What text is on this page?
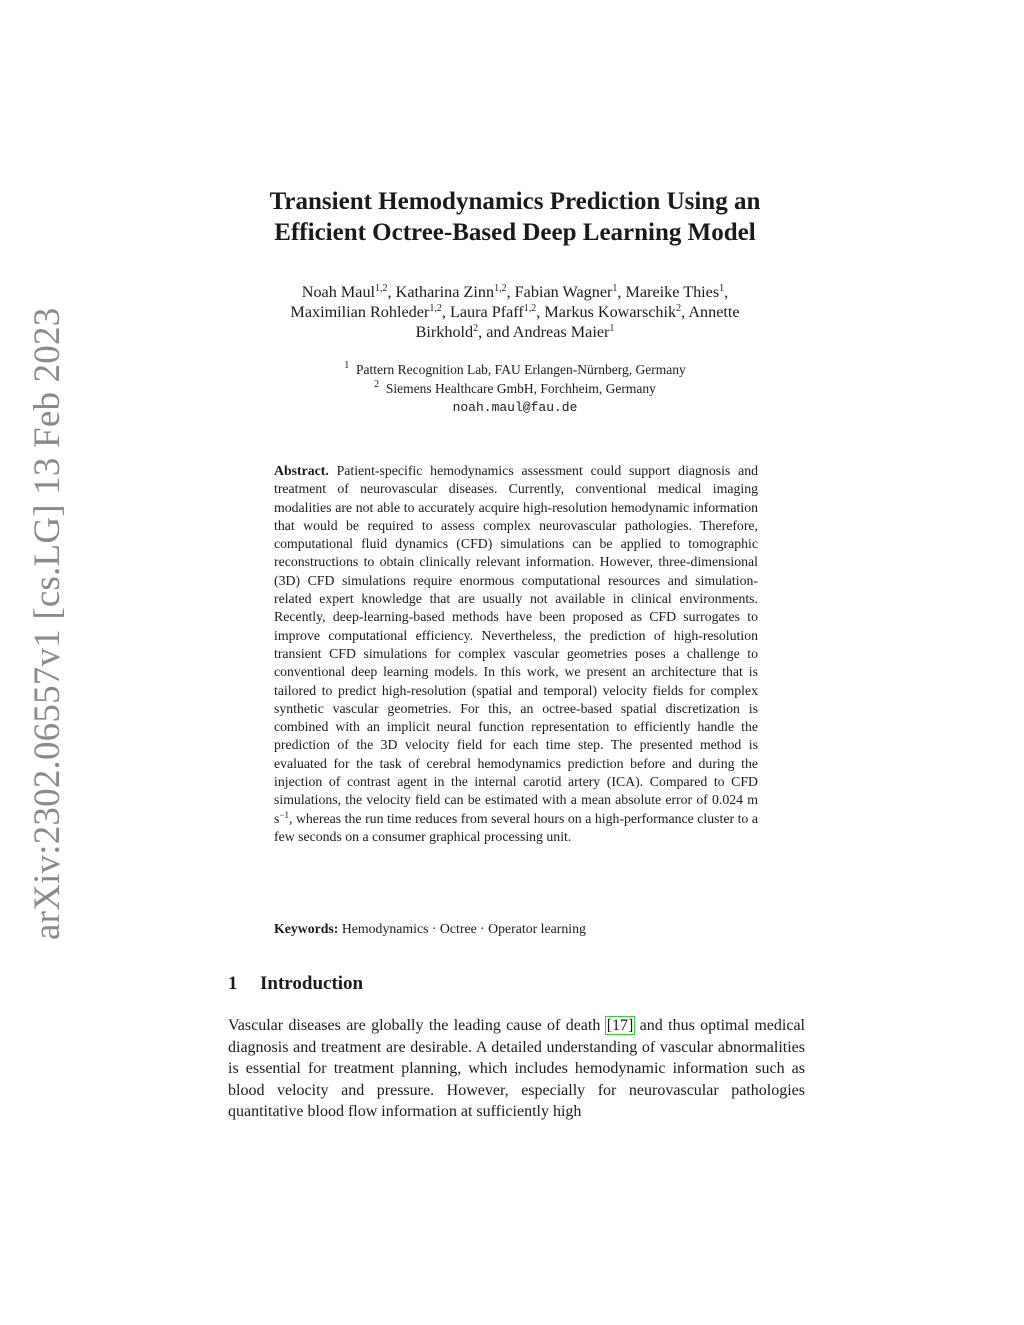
arXiv:2302.06557v1 [cs.LG] 13 Feb 2023
Transient Hemodynamics Prediction Using an
Efficient Octree-Based Deep Learning Model

Noah Maul$^{1,2}$, Katharina Zinn$^{1,2}$, Fabian Wagner$^1$, Mareike Thies$^1$,
Maximilian Rohleder$^{1,2}$, Laura Pfaff$^{1,2}$, Markus Kowarschik$^2$, Annette
Birkhold$^2$, and Andreas Maier$^1$

$^1$ Pattern Recognition Lab, FAU Erlangen-Nürnberg, Germany
$^2$ Siemens Healthcare GmbH, Forchheim, Germany
noah.maul@fau.de

Abstract. Patient-specific hemodynamics assessment could support diagnosis and treatment of neurovascular diseases. Currently, conventional medical imaging modalities are not able to accurately acquire high-resolution hemodynamic information that would be required to assess complex neurovascular pathologies. Therefore, computational fluid dynamics (CFD) simulations can be applied to tomographic reconstructions to obtain clinically relevant information. However, three-dimensional (3D) CFD simulations require enormous computational resources and simulation-related expert knowledge that are usually not available in clinical environments. Recently, deep-learning-based methods have been proposed as CFD surrogates to improve computational efficiency. Nevertheless, the prediction of high-resolution transient CFD simulations for complex vascular geometries poses a challenge to conventional deep learning models. In this work, we present an architecture that is tailored to predict high-resolution (spatial and temporal) velocity fields for complex synthetic vascular geometries. For this, an octree-based spatial discretization is combined with an implicit neural function representation to efficiently handle the prediction of the 3D velocity field for each time step. The presented method is evaluated for the task of cerebral hemodynamics prediction before and during the injection of contrast agent in the internal carotid artery (ICA). Compared to CFD simulations, the velocity field can be estimated with a mean absolute error of 0.024 m $s^{-1}$, whereas the run time reduces from several hours on a high-performance cluster to a few seconds on a consumer graphical processing unit.

Keywords: Hemodynamics · Octree · Operator learning

1 Introduction

Vascular diseases are globally the leading cause of death [17] and thus optimal medical diagnosis and treatment are desirable. A detailed understanding of vascular abnormalities is essential for treatment planning, which includes hemodynamic information such as blood velocity and pressure. However, especially for neurovascular pathologies quantitative blood flow information at sufficiently high
